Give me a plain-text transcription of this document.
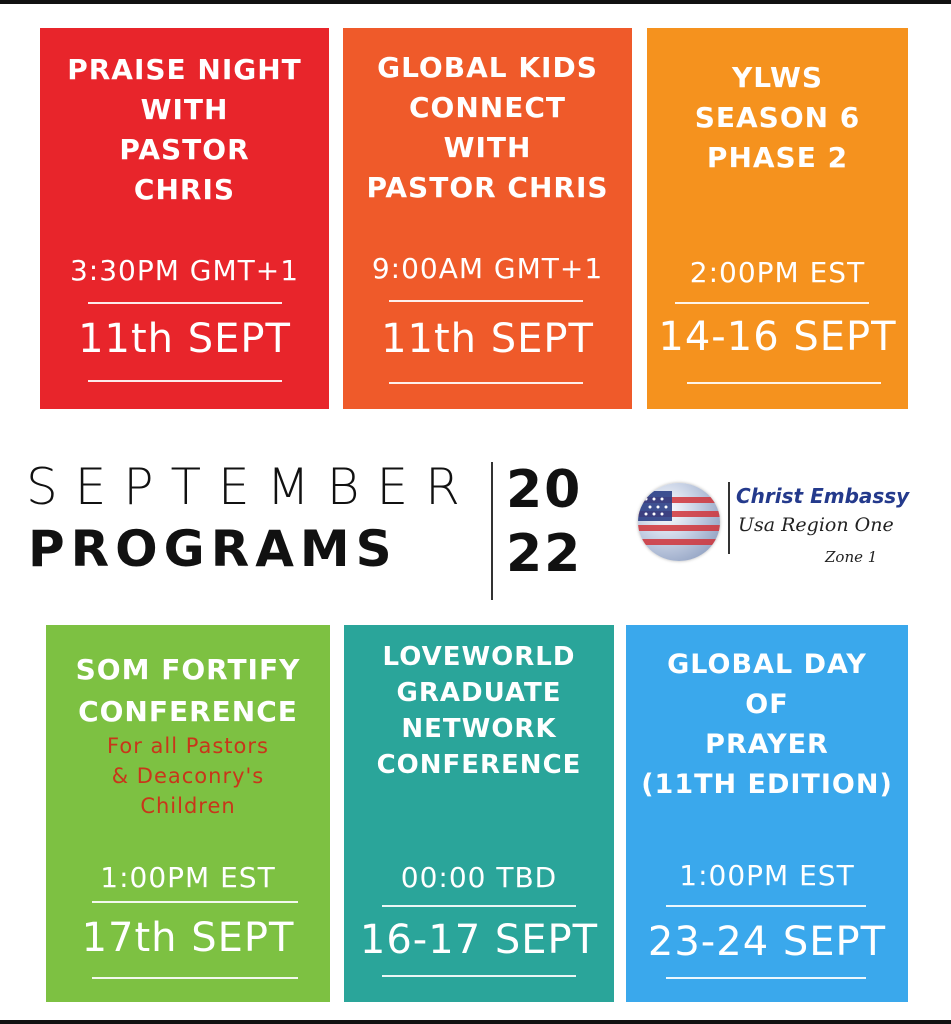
PRAISE NIGHT
WITH
PASTOR
CHRIS
3:30PM GMT+1
11th SEPT
GLOBAL KIDS
CONNECT
WITH
PASTOR CHRIS
9:00AM GMT+1
11th SEPT
YLWS
SEASON 6
PHASE 2
2:00PM EST
14-16 SEPT
SEPTEMBER
PROGRAMS
20
22
Christ Embassy
Usa Region One
Zone 1
SOM FORTIFY
CONFERENCE
For all Pastors
& Deaconry's
Children
1:00PM EST
17th SEPT
LOVEWORLD
GRADUATE
NETWORK
CONFERENCE
00:00 TBD
16-17 SEPT
GLOBAL DAY
OF
PRAYER
(11TH EDITION)
1:00PM EST
23-24 SEPT
